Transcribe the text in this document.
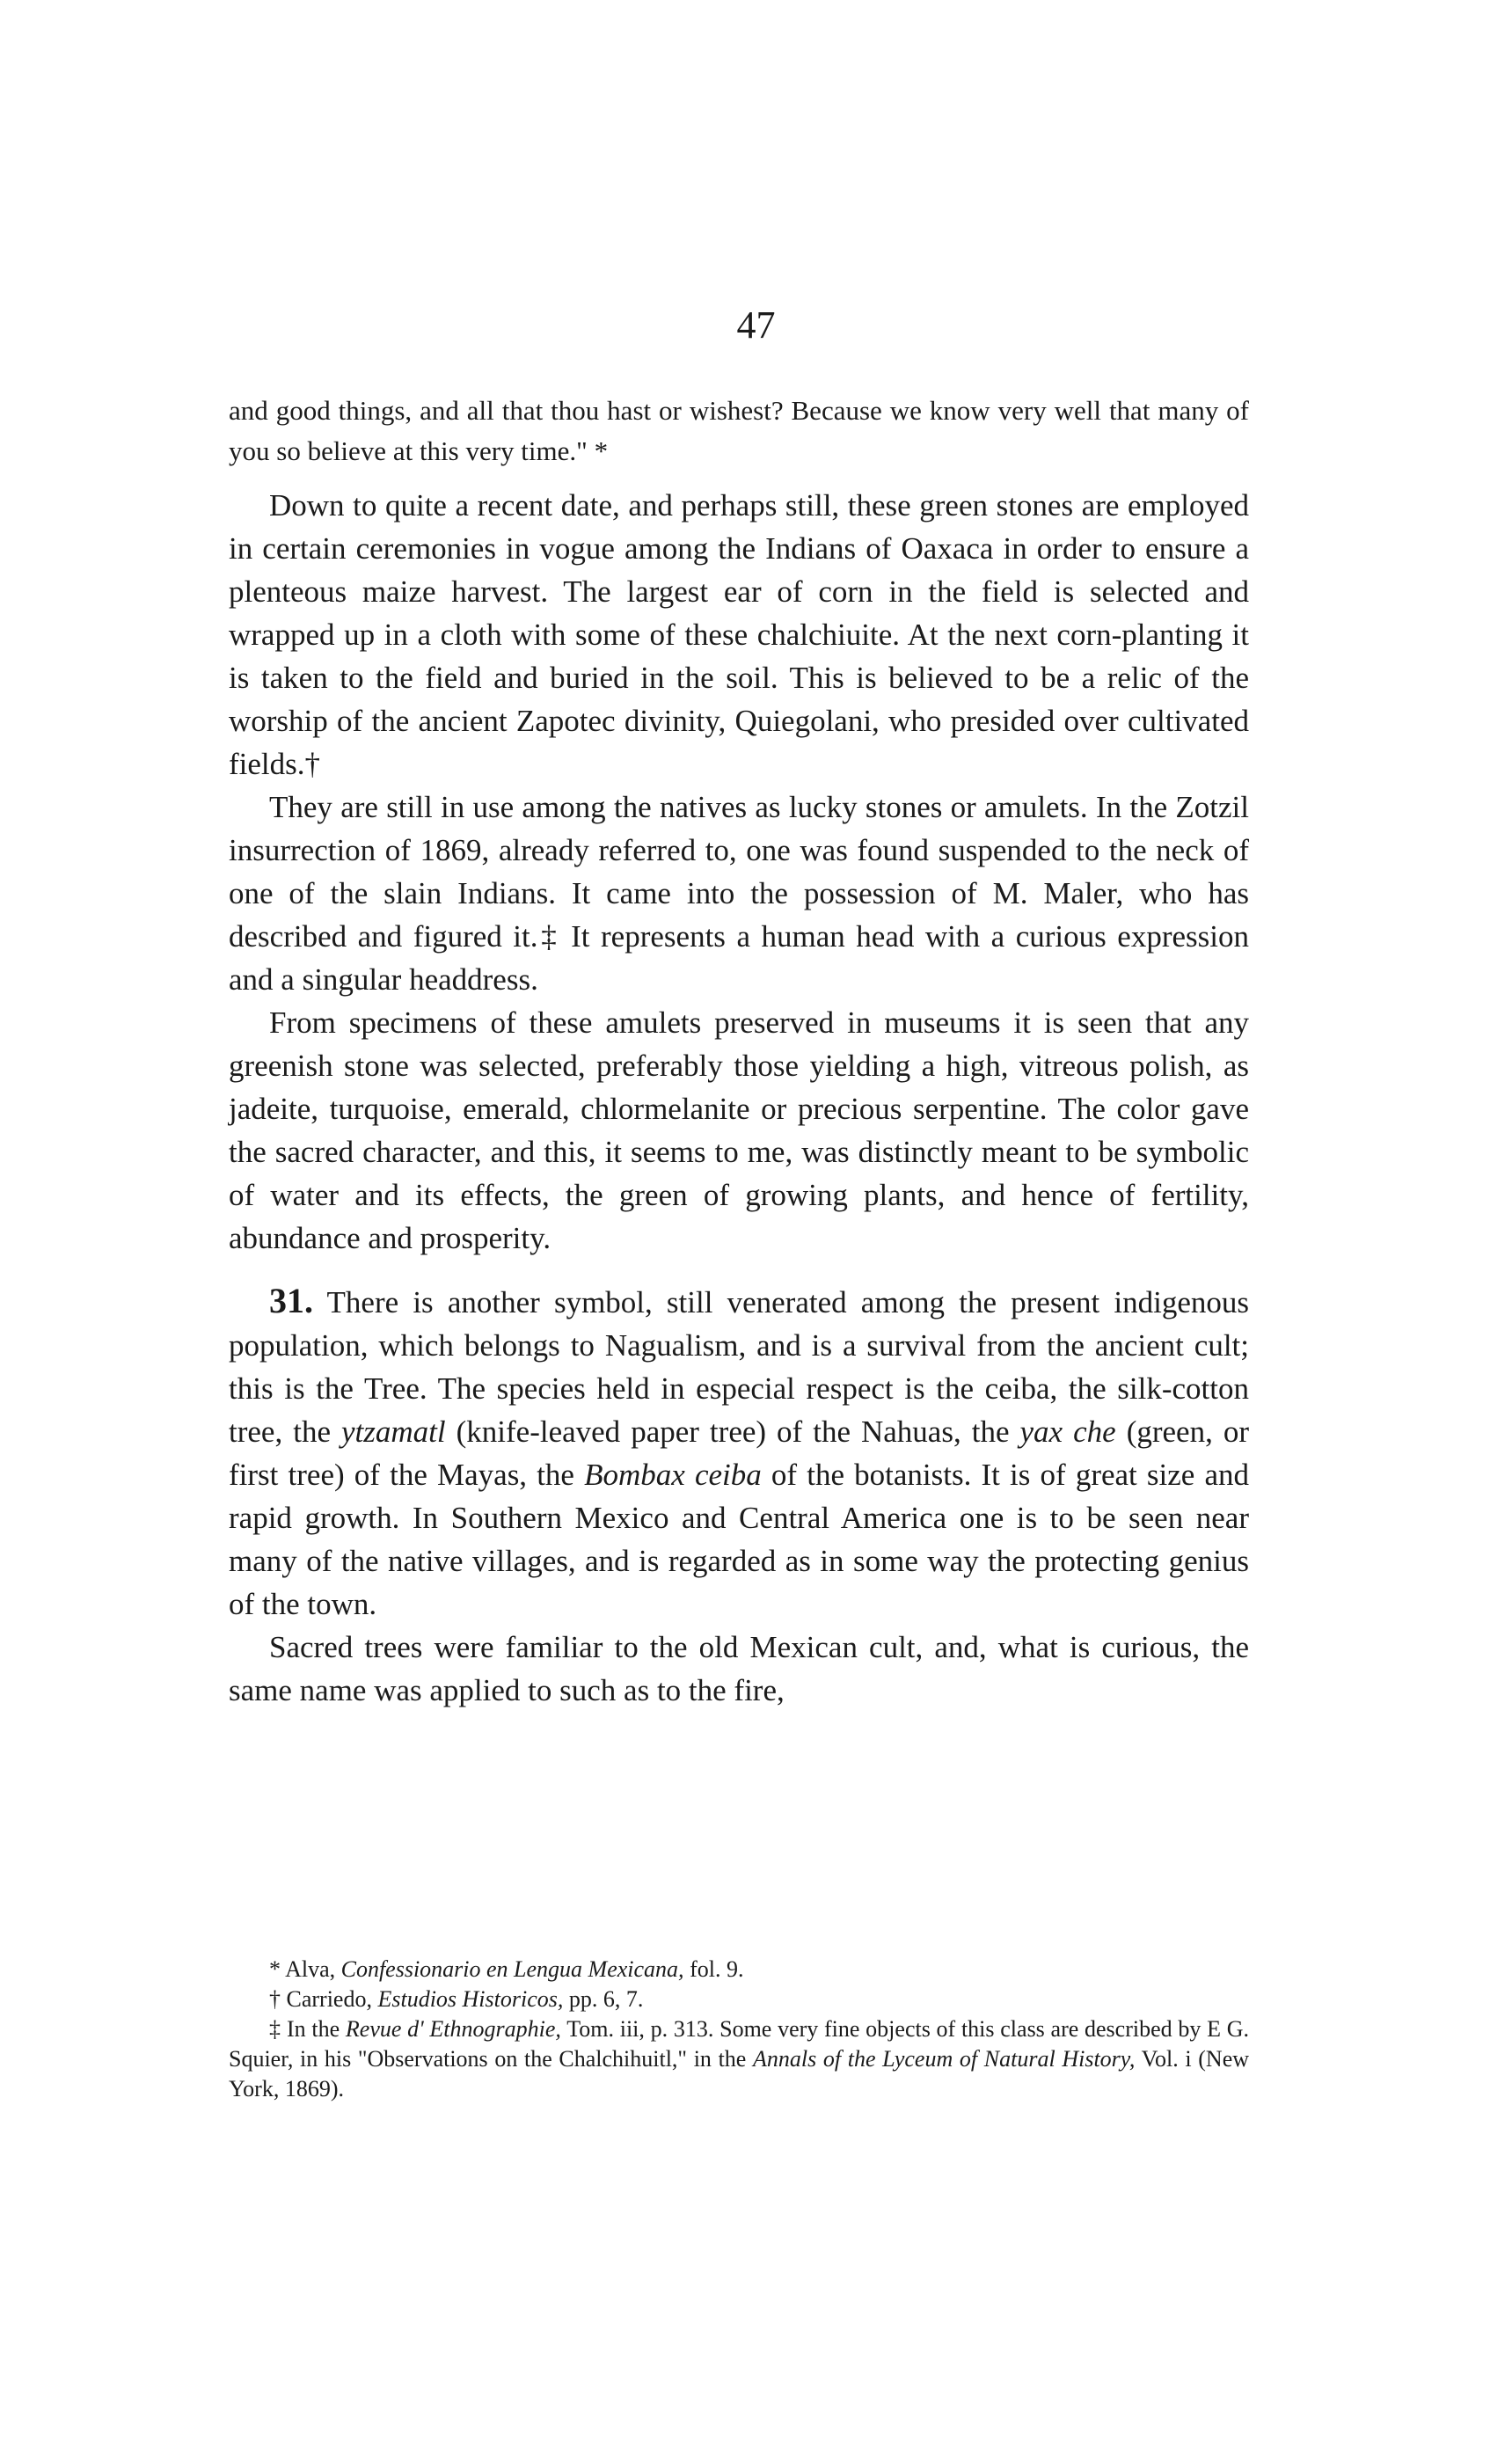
47

and good things, and all that thou hast or wishest? Because we know very well that many of you so believe at this very time." *

Down to quite a recent date, and perhaps still, these green stones are employed in certain ceremonies in vogue among the Indians of Oaxaca in order to ensure a plenteous maize harvest. The largest ear of corn in the field is selected and wrapped up in a cloth with some of these chalchiuite. At the next corn-planting it is taken to the field and buried in the soil. This is believed to be a relic of the worship of the ancient Zapotec divinity, Quiegolani, who presided over cultivated fields.†

They are still in use among the natives as lucky stones or amulets. In the Zotzil insurrection of 1869, already referred to, one was found suspended to the neck of one of the slain Indians. It came into the possession of M. Maler, who has described and figured it.‡ It represents a human head with a curious expression and a singular headdress.

From specimens of these amulets preserved in museums it is seen that any greenish stone was selected, preferably those yielding a high, vitreous polish, as jadeite, turquoise, emerald, chlormelanite or precious serpentine. The color gave the sacred character, and this, it seems to me, was distinctly meant to be symbolic of water and its effects, the green of growing plants, and hence of fertility, abundance and prosperity.

31. There is another symbol, still venerated among the present indigenous population, which belongs to Nagualism, and is a survival from the ancient cult; this is the Tree. The species held in especial respect is the ceiba, the silk-cotton tree, the ytzamatl (knife-leaved paper tree) of the Nahuas, the yax che (green, or first tree) of the Mayas, the Bombax ceiba of the botanists. It is of great size and rapid growth. In Southern Mexico and Central America one is to be seen near many of the native villages, and is regarded as in some way the protecting genius of the town.

Sacred trees were familiar to the old Mexican cult, and, what is curious, the same name was applied to such as to the fire,

* Alva, Confessionario en Lengua Mexicana, fol. 9.

† Carriedo, Estudios Historicos, pp. 6, 7.

‡ In the Revue d' Ethnographie, Tom. iii, p. 313. Some very fine objects of this class are described by E G. Squier, in his "Observations on the Chalchihuitl," in the Annals of the Lyceum of Natural History, Vol. i (New York, 1869).
